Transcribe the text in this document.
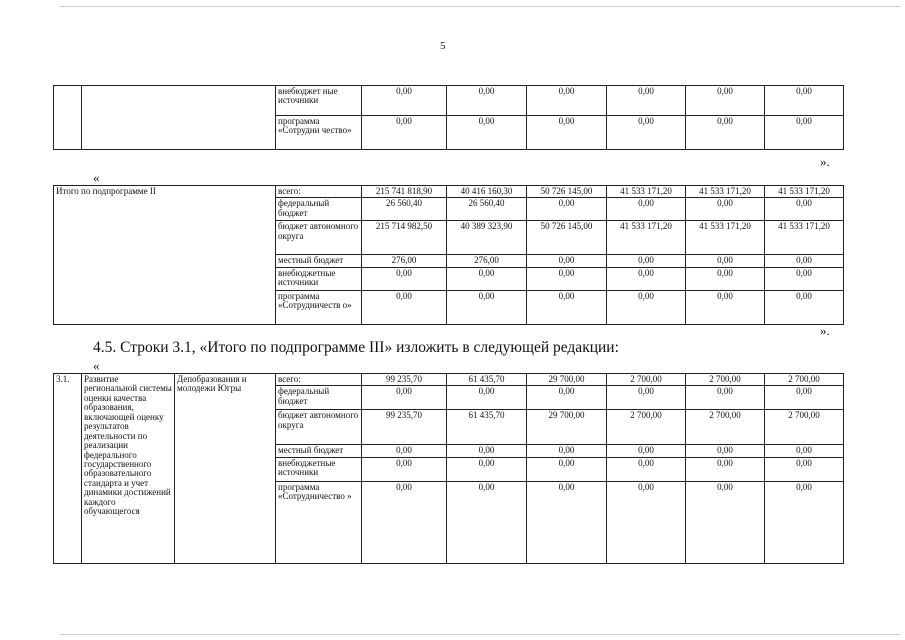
5
		внебюджет ные источники	0,00	0,00	0,00	0,00	0,00	0,00
		программа «Сотрудни чество»	0,00	0,00	0,00	0,00	0,00	0,00
».
«
Итого по подпрограмме II	всего:	215 741 818,90	40 416 160,30	50 726 145,00	41 533 171,20	41 533 171,20	41 533 171,20
	федеральный бюджет	26 560,40	26 560,40	0,00	0,00	0,00	0,00
	бюджет автономного округа	215 714 982,50	40 389 323,90	50 726 145,00	41 533 171,20	41 533 171,20	41 533 171,20
	местный бюджет	276,00	276,00	0,00	0,00	0,00	0,00
	внебюджетные источники	0,00	0,00	0,00	0,00	0,00	0,00
	программа «Сотрудничеств о»	0,00	0,00	0,00	0,00	0,00	0,00
».
4.5. Строки 3.1, «Итого по подпрограмме III» изложить в следующей редакции:
«
3.1.	Развитие региональной системы оценки качества образования, включающей оценку результатов деятельности по реализации федерального государственного образовательного стандарта и учет динамики достижений каждого обучающегося	Депобразования и молодежи Югры	всего:	99 235,70	61 435,70	29 700,00	2 700,00	2 700,00	2 700,00
			федеральный бюджет	0,00	0,00	0,00	0,00	0,00	0,00
			бюджет автономного округа	99 235,70	61 435,70	29 700,00	2 700,00	2 700,00	2 700,00
			местный бюджет	0,00	0,00	0,00	0,00	0,00	0,00
			внебюджетные источники	0,00	0,00	0,00	0,00	0,00	0,00
			программа «Сотрудничество »	0,00	0,00	0,00	0,00	0,00	0,00
